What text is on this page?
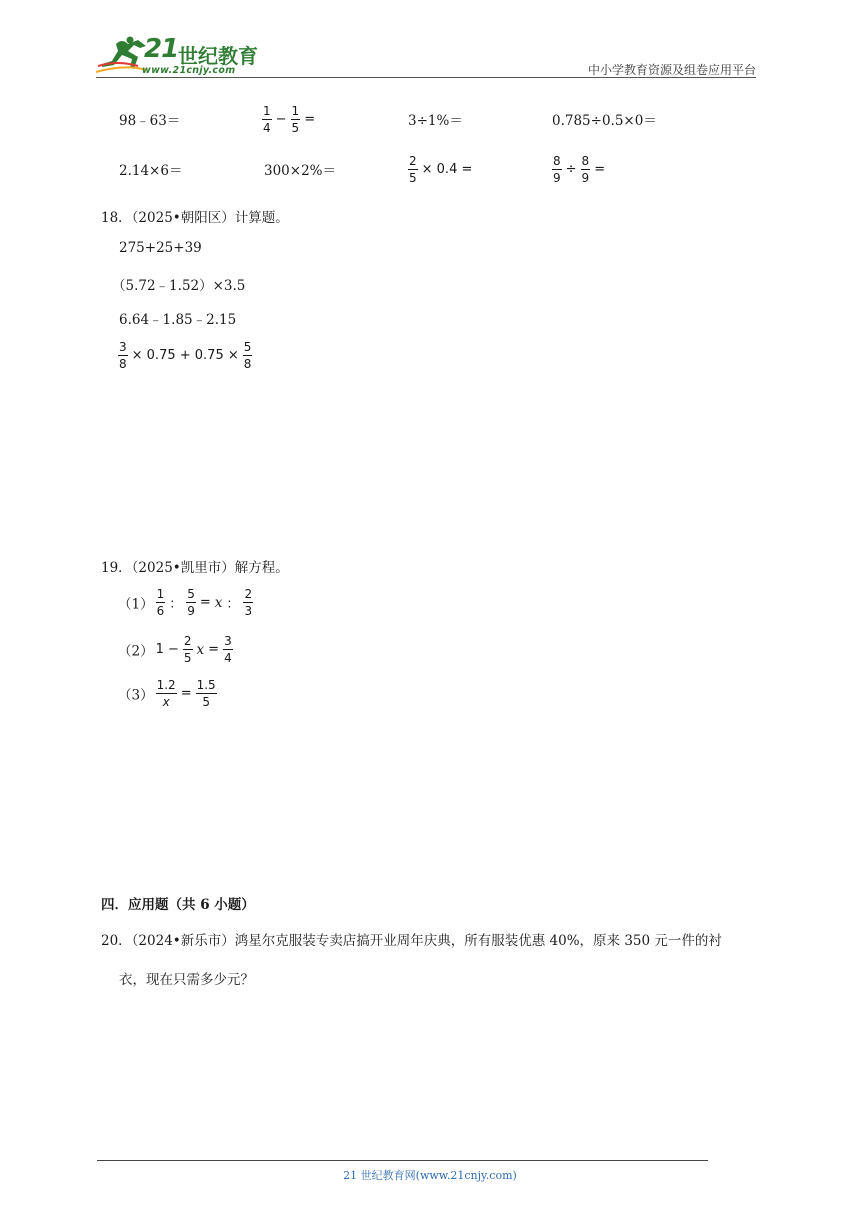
21 世纪教育
www.21cnjy.com	中小学教育资源及组卷应用平台
98﹣63＝	$\frac{1}{4} - \frac{1}{5}$ =	3÷1%＝	0.785÷0.5×0＝
2.14×6＝	300×2%＝	$\frac{2}{5} \times 0.4$ =	$\frac{8}{9} \div \frac{8}{9}$ =
18．（2025•朝阳区）计算题。
275+25+39
（5.72﹣1.52）×3.5
6.64﹣1.85﹣2.15
$\frac{3}{8} \times 0.75 + 0.75 \times \frac{5}{8}$
19．（2025•凯里市）解方程。
$(1) \frac{1}{6}$ ： $\frac{5}{9} = x$ ： $\frac{2}{3}$
（2） $1 - \frac{2}{5}$ $x = \frac{3}{4}$
$(3) \frac{1.2}{x} = \frac{1.5}{5}$
四．应用题（共 6 小题）
20．（2024•新乐市）鸿星尔克服装专卖店搞开业周年庆典，所有服装优惠 40%，原来 350 元一件的衬
衣，现在只需多少元？
21 世纪教育网(www.21cnjy.com)
